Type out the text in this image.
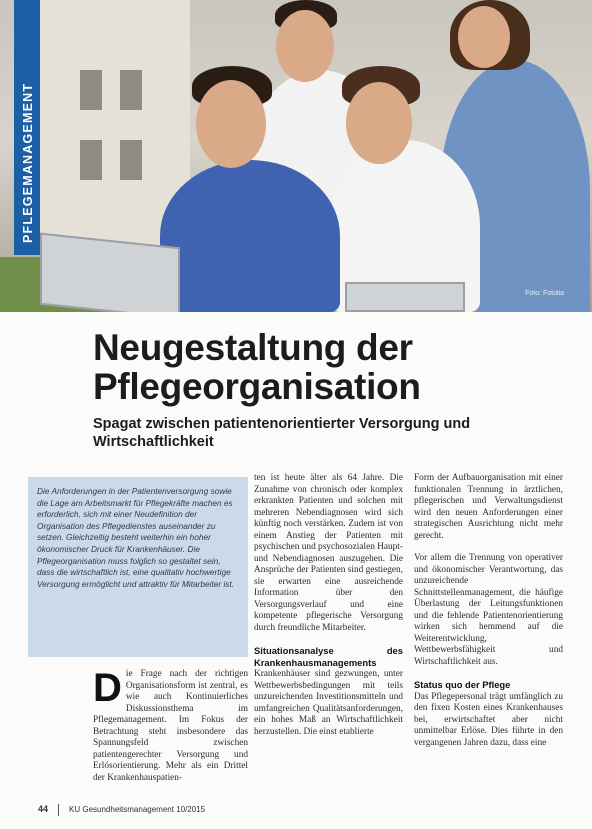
Foto: Fotolia
PFLEGEMANAGEMENT
Neugestaltung der
Pflegeorganisation
Spagat zwischen patientenorientierter Versorgung und Wirtschaftlichkeit

Die Anforderungen in der Patientenversorgung sowie die Lage am Arbeitsmarkt für Pflegekräfte machen es erforderlich, sich mit einer Neudefinition der Organisation des Pflegedienstes auseinander zu setzen. Gleichzeitig besteht weiterhin ein hoher ökonomischer Druck für Krankenhäuser. Die Pflegeorganisation muss folglich so gestaltet sein, dass die wirtschaftlich ist, eine qualitativ hochwertige Versorgung ermöglicht und attraktiv für Mitarbeiter ist.

Die Frage nach der richtigen Organisationsform ist zentral, es wie auch Kontinuierliches Diskussionsthema im Pflegemanagement. Im Fokus der Betrachtung steht insbesondere das Spannungsfeld zwischen patientengerechter Versorgung und Erlösorientierung. Mehr als ein Drittel der Krankenhauspatien-

ten ist heute älter als 64 Jahre. Die Zunahme von chronisch oder komplex erkrankten Patienten und solchen mit mehreren Nebendiagnosen wird sich künftig noch verstärken. Zudem ist von einem Anstieg der Patienten mit psychischen und psychosozialen Haupt- und Nebendiagnosen auszugehen. Die Ansprüche der Patienten sind gestiegen, sie erwarten eine ausreichende Information über den Versorgungsverlauf und eine kompetente pflegerische Versorgung durch freundliche Mitarbeiter.

Situationsanalyse des Krankenhausmanagements

Krankenhäuser sind gezwungen, unter Wettbewerbsbedingungen mit teils unzureichenden Investitionsmitteln und umfangreichen Qualitätsanforderungen, ein hohes Maß an Wirtschaftlichkeit herzustellen. Die einst etablierte

Form der Aufbauorganisation mit einer funktionalen Trennung in ärztlichen, pflegerischen und Verwaltungsdienst wird den neuen Anforderungen einer strategischen Ausrichtung nicht mehr gerecht.

Vor allem die Trennung von operativer und ökonomischer Verantwortung, das unzureichende Schnittstellenmanagement, die häufige Überlastung der Leitungsfunktionen und die fehlende Patientenorientierung wirken sich hemmend auf die Weiterentwicklung, Wettbewerbsfähigkeit und Wirtschaftlichkeit aus.

Status quo der Pflege

Das Pflegepersonal trägt umfänglich zu den fixen Kosten eines Krankenhauses bei, erwirtschaftet aber nicht unmittelbar Erlöse. Dies führte in den vergangenen Jahren dazu, dass eine

44	KU Gesundheitsmanagement 10/2015
